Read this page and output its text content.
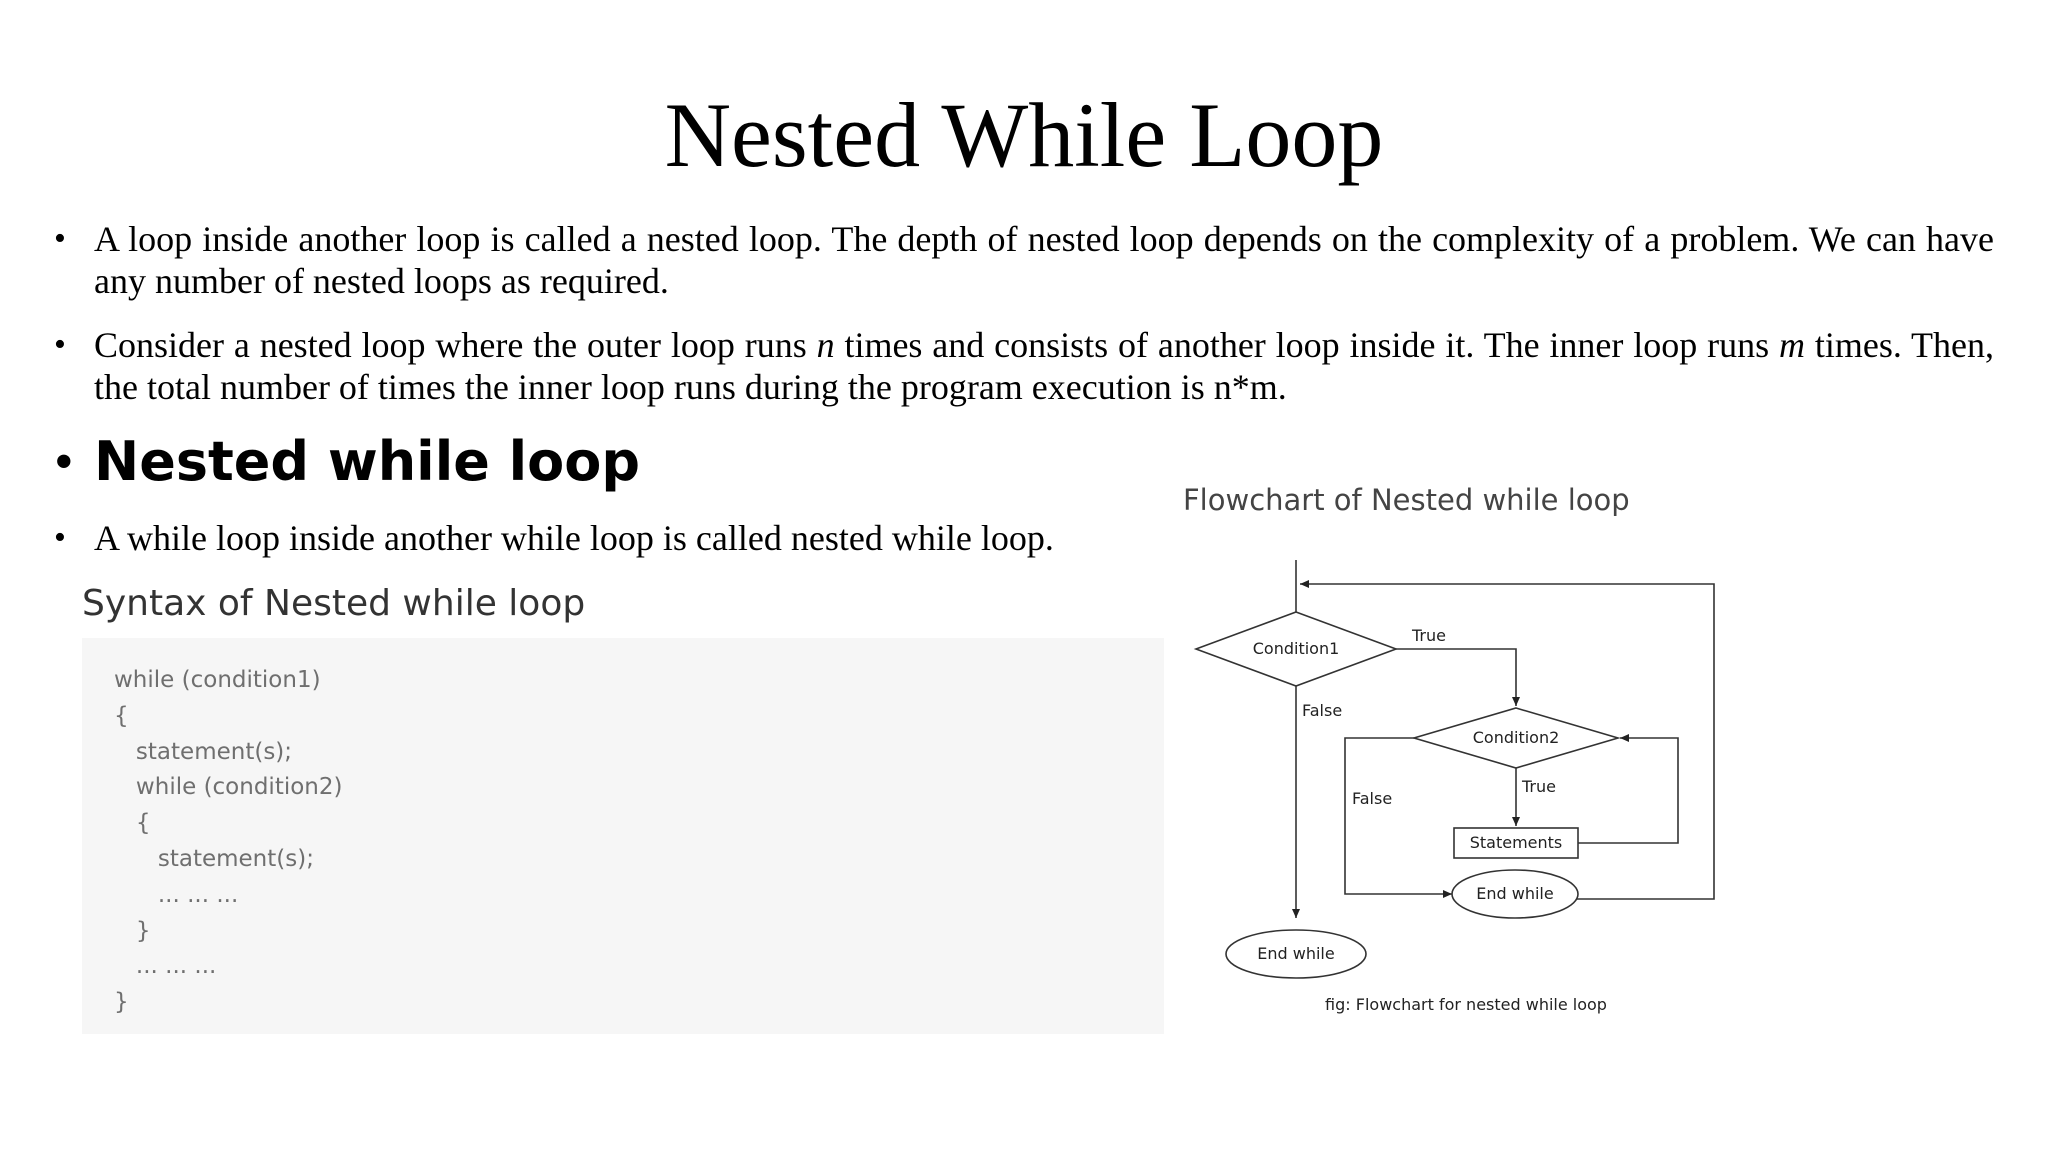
Nested While Loop
• A loop inside another loop is called a nested loop. The depth of nested loop depends on the complexity of a problem. We can have any number of nested loops as required.
• Consider a nested loop where the outer loop runs n times and consists of another loop inside it. The inner loop runs m times. Then, the total number of times the inner loop runs during the program execution is n*m.
• Nested while loop
• A while loop inside another while loop is called nested while loop.
Syntax of Nested while loop
while (condition1)
{
statement(s);
while (condition2)
{
statement(s);
... ... ...
}
... ... ...
}
Flowchart of Nested while loop
Condition1
True
False
Condition2
True
False
Statements
End while
End while
fig: Flowchart for nested while loop
